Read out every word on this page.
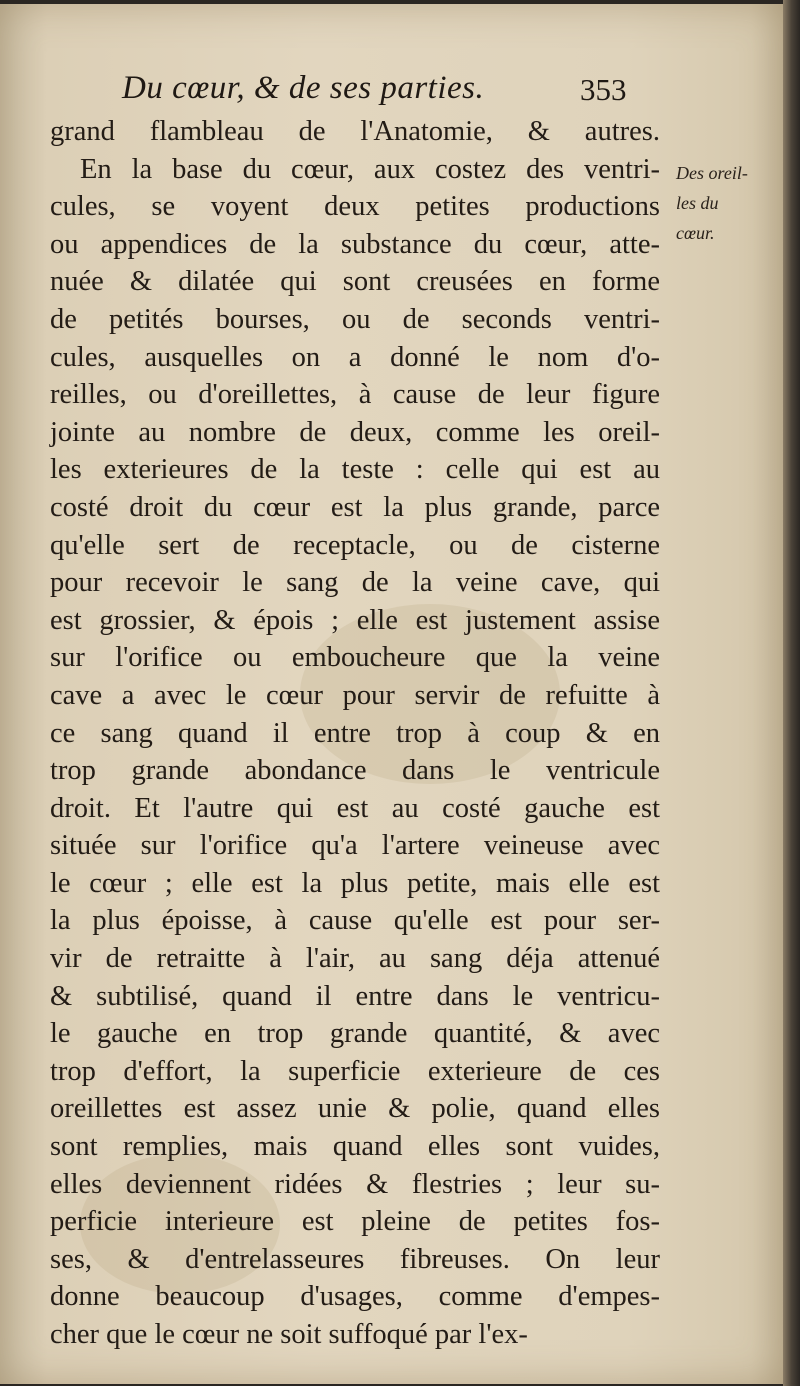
Du cœur, & de ses parties.	353
grand flambleau de l'Anatomie, & autres.
En la base du cœur, aux costez des ventri-
cules, se voyent deux petites productions
ou appendices de la substance du cœur, atte-
nuée & dilatée qui sont creusées en forme
de petités bourses, ou de seconds ventri-
cules, ausquelles on a donné le nom d'o-
reilles, ou d'oreillettes, à cause de leur figure
jointe au nombre de deux, comme les oreil-
les exterieures de la teste : celle qui est au
costé droit du cœur est la plus grande, parce
qu'elle sert de receptacle, ou de cisterne
pour recevoir le sang de la veine cave, qui
est grossier, & épois ; elle est justement assise
sur l'orifice ou emboucheure que la veine
cave a avec le cœur pour servir de refuitte à
ce sang quand il entre trop à coup & en
trop grande abondance dans le ventricule
droit. Et l'autre qui est au costé gauche est
située sur l'orifice qu'a l'artere veineuse avec
le cœur ; elle est la plus petite, mais elle est
la plus époisse, à cause qu'elle est pour ser-
vir de retraitte à l'air, au sang déja attenué
& subtilisé, quand il entre dans le ventricu-
le gauche en trop grande quantité, & avec
trop d'effort, la superficie exterieure de ces
oreillettes est assez unie & polie, quand elles
sont remplies, mais quand elles sont vuides,
elles deviennent ridées & flestries ; leur su-
perficie interieure est pleine de petites fos-
ses, & d'entrelasseures fibreuses. On leur
donne beaucoup d'usages, comme d'empes-
cher que le cœur ne soit suffoqué par l'ex-
Des oreil-
les du
cœur.
